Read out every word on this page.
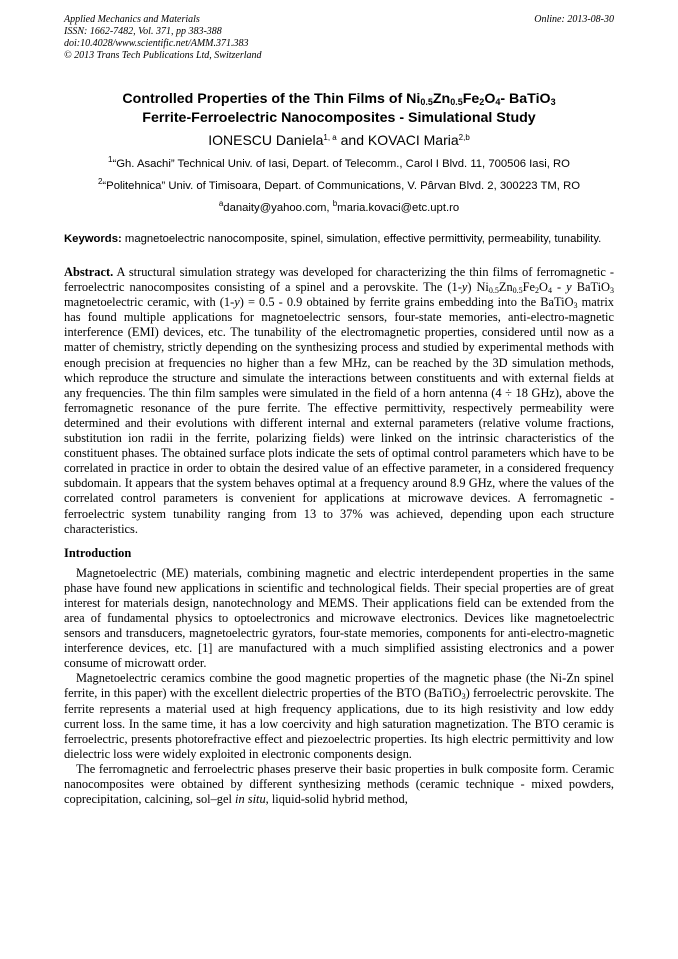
Applied Mechanics and Materials
ISSN: 1662-7482, Vol. 371, pp 383-388
doi:10.4028/www.scientific.net/AMM.371.383
© 2013 Trans Tech Publications Ltd, Switzerland
Online: 2013-08-30
Controlled Properties of the Thin Films of $Ni_{0.5}Zn_{0.5}Fe_2O_4-$ BaTiO$_3$
Ferrite-Ferroelectric Nanocomposites - Simulational Study
IONESCU Daniela$^{1, a}$ and KOVACI Maria$^{2,b}$
$^1$“Gh. Asachi” Technical Univ. of Iasi, Depart. of Telecomm., Carol I Blvd. 11, 700506 Iasi, RO
$^2$“Politehnica” Univ. of Timisoara, Depart. of Communications, V. Pârvan Blvd. 2, 300223 TM, RO
$^a$danaity@yahoo.com, $^b$maria.kovaci@etc.upt.ro
Keywords: magnetoelectric nanocomposite, spinel, simulation, effective permittivity, permeability, tunability.
Abstract. A structural simulation strategy was developed for characterizing the thin films of ferromagnetic - ferroelectric nanocomposites consisting of a spinel and a perovskite. The (1-y) $Ni_{0.5}Zn_{0.5}Fe_2O_4$ - y BaTiO$_3$ magnetoelectric ceramic, with (1-y) = 0.5 - 0.9 obtained by ferrite grains embedding into the BaTiO$_3$ matrix has found multiple applications for magnetoelectric sensors, four-state memories, anti-electro-magnetic interference (EMI) devices, etc. The tunability of the electromagnetic properties, considered until now as a matter of chemistry, strictly depending on the synthesizing process and studied by experimental methods with enough precision at frequencies no higher than a few MHz, can be reached by the 3D simulation methods, which reproduce the structure and simulate the interactions between constituents and with external fields at any frequencies. The thin film samples were simulated in the field of a horn antenna (4 ÷ 18 GHz), above the ferromagnetic resonance of the pure ferrite. The effective permittivity, respectively permeability were determined and their evolutions with different internal and external parameters (relative volume fractions, substitution ion radii in the ferrite, polarizing fields) were linked on the intrinsic characteristics of the constituent phases. The obtained surface plots indicate the sets of optimal control parameters which have to be correlated in practice in order to obtain the desired value of an effective parameter, in a considered frequency subdomain. It appears that the system behaves optimal at a frequency around 8.9 GHz, where the values of the correlated control parameters is convenient for applications at microwave devices. A ferromagnetic - ferroelectric system tunability ranging from 13 to 37% was achieved, depending upon each structure characteristics.
Introduction

Magnetoelectric (ME) materials, combining magnetic and electric interdependent properties in the same phase have found new applications in scientific and technological fields. Their special properties are of great interest for materials design, nanotechnology and MEMS. Their applications field can be extended from the area of fundamental physics to optoelectronics and microwave electronics. Devices like magnetoelectric sensors and transducers, magnetoelectric gyrators, four-state memories, components for anti-electro-magnetic interference devices, etc. [1] are manufactured with a much simplified assisting electronics and a power consume of microwatt order.

Magnetoelectric ceramics combine the good magnetic properties of the magnetic phase (the Ni-Zn spinel ferrite, in this paper) with the excellent dielectric properties of the BTO (BaTiO$_3$) ferroelectric perovskite. The ferrite represents a material used at high frequency applications, due to its high resistivity and low eddy current loss. In the same time, it has a low coercivity and high saturation magnetization. The BTO ceramic is ferroelectric, presents photorefractive effect and piezoelectric properties. Its high electric permittivity and low dielectric loss were widely exploited in electronic components design.

The ferromagnetic and ferroelectric phases preserve their basic properties in bulk composite form. Ceramic nanocomposites were obtained by different synthesizing methods (ceramic technique - mixed powders, coprecipitation, calcining, sol–gel in situ, liquid-solid hybrid method,
